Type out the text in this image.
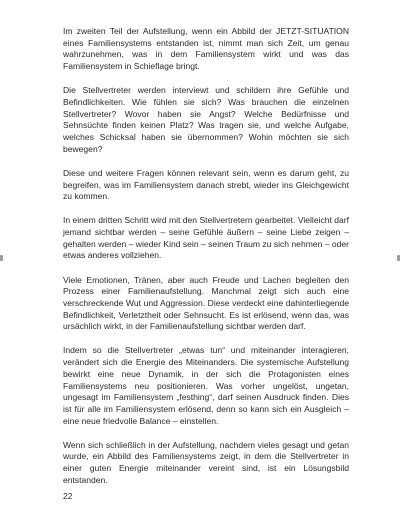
Im zweiten Teil der Aufstellung, wenn ein Abbild der JETZT-SITUATION eines Familiensystems entstanden ist, nimmt man sich Zeit, um genau wahrzunehmen, was in dem Familiensystem wirkt und was das Familiensystem in Schieflage bringt.

Die Stellvertreter werden interviewt und schildern ihre Gefühle und Befindlichkeiten. Wie fühlen sie sich? Was brauchen die einzelnen Stellvertreter? Wovor haben sie Angst? Welche Bedürfnisse und Sehnsüchte finden keinen Platz? Was tragen sie, und welche Aufgabe, welches Schicksal haben sie übernommen? Wohin möchten sie sich bewegen?

Diese und weitere Fragen können relevant sein, wenn es darum geht, zu begreifen, was im Familiensystem danach strebt, wieder ins Gleichgewicht zu kommen.

In einem dritten Schritt wird mit den Stellvertretern gearbeitet. Vielleicht darf jemand sichtbar werden – seine Gefühle äußern – seine Liebe zeigen – gehalten werden – wieder Kind sein – seinen Traum zu sich nehmen – oder etwas anderes vollziehen.

Viele Emotionen, Tränen, aber auch Freude und Lachen begleiten den Prozess einer Familienaufstellung. Manchmal zeigt sich auch eine verschreckende Wut und Aggression. Diese verdeckt eine dahinterliegende Befindlichkeit, Verletztheit oder Sehnsucht. Es ist erlösend, wenn das, was ursächlich wirkt, in der Familienaufstellung sichtbar werden darf.

Indem so die Stellvertreter „etwas tun“ und miteinander interagieren, verändert sich die Energie des Miteinanders. Die systemische Aufstellung bewirkt eine neue Dynamik, in der sich die Protagonisten eines Familiensystems neu positionieren. Was vorher ungelöst, ungetan, ungesagt im Familiensystem „festhing“, darf seinen Ausdruck finden. Dies ist für alle im Familiensystem erlösend, denn so kann sich ein Ausgleich – eine neue friedvolle Balance – einstellen.

Wenn sich schließlich in der Aufstellung, nachdem vieles gesagt und getan wurde, ein Abbild des Familiensystems zeigt, in dem die Stellvertreter in einer guten Energie miteinander vereint sind, ist ein Lösungsbild entstanden.

22
